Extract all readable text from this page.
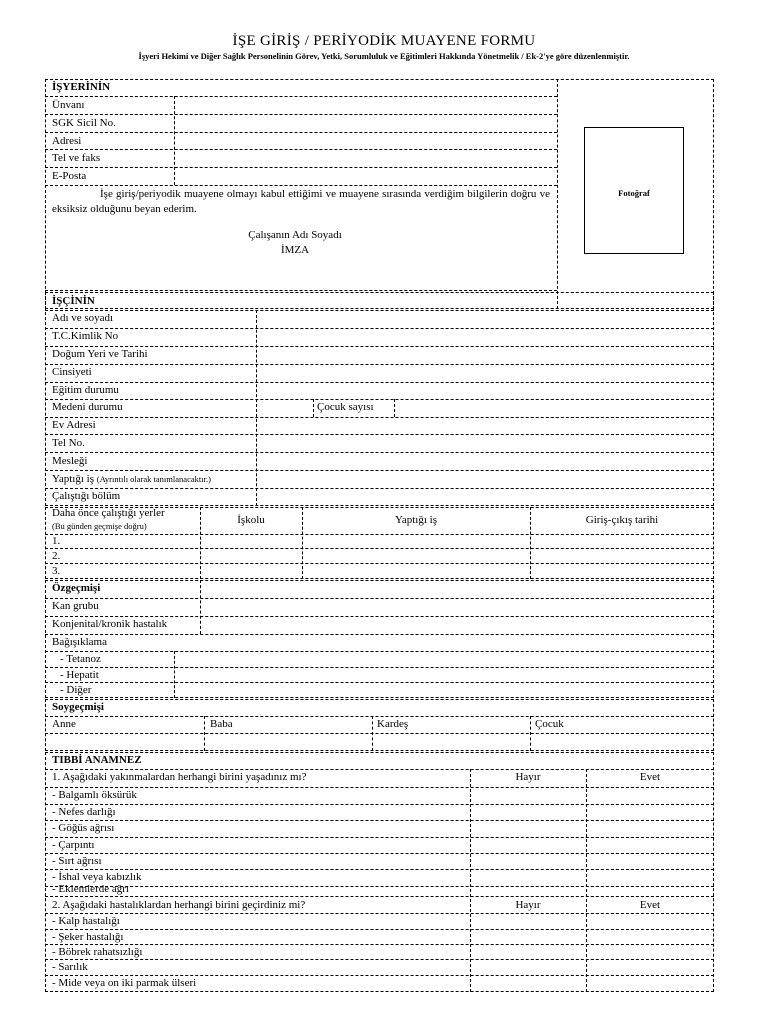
İŞE GİRİŞ / PERİYODİK MUAYENE FORMU
İşyeri Hekimi ve Diğer Sağlık Personelinin Görev, Yetki, Sorumluluk ve Eğitimleri Hakkında Yönetmelik / Ek-2'ye göre düzenlenmiştir.
İŞYERİNİN
Ünvanı
SGK Sicil No.
Adresi
Tel ve faks
E-Posta
Fotoğraf
İşe giriş/periyodik muayene olmayı kabul ettiğimi ve muayene sırasında verdiğim bilgilerin doğru ve eksiksiz olduğunu beyan ederim.
Çalışanın Adı Soyadı
İMZA
İŞÇİNİN
Adı ve soyadı
T.C.Kimlik No
Doğum Yeri ve Tarihi
Cinsiyeti
Eğitim durumu
Medeni durumu	Çocuk sayısı
Ev Adresi
Tel No.
Mesleği
Yaptığı iş (Ayrıntılı olarak tanımlanacaktır.)
Çalıştığı bölüm
Daha önce çalıştığı yerler
(Bu günden geçmişe doğru)	İşkolu	Yaptığı iş	Giriş-çıkış tarihi
1.
2.
3.
Özgeçmişi
Kan grubu
Konjenital/kronik hastalık
Bağışıklama
- Tetanoz
- Hepatit
- Diğer
Soygeçmişi
Anne	Baba	Kardeş	Çocuk
TIBBİ ANAMNEZ
1. Aşağıdaki yakınmalardan herhangi birini yaşadınız mı?	Hayır	Evet
- Balgamlı öksürük
- Nefes darlığı
- Göğüs ağrısı
- Çarpıntı
- Sırt ağrısı
- İshal veya kabızlık
- Eklemlerde ağrı
2. Aşağıdaki hastalıklardan herhangi birini geçirdiniz mi?	Hayır	Evet
- Kalp hastalığı
- Şeker hastalığı
- Böbrek rahatsızlığı
- Sarılık
- Mide veya on iki parmak ülseri
